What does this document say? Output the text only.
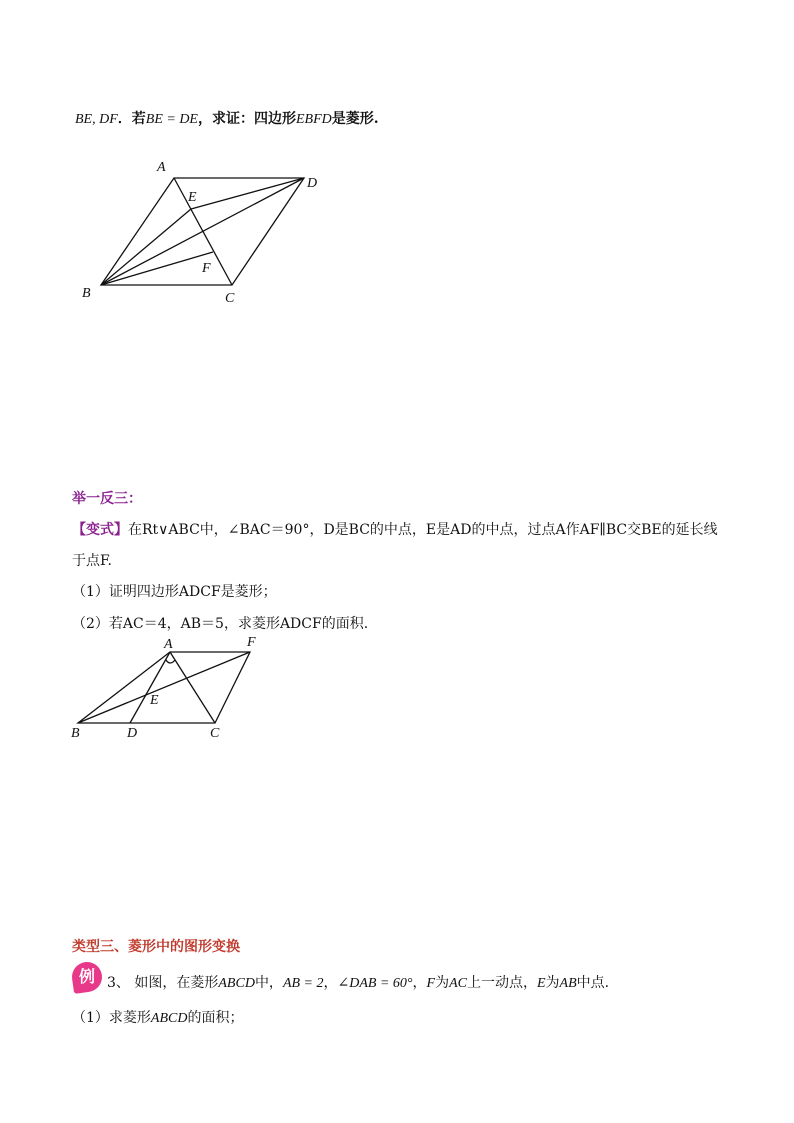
BE, DF．若BE = DE，求证：四边形EBFD是菱形.
A
D
E
F
B	C
举一反三：
【变式】在Rt∨ABC中，∠BAC＝90°，D是BC的中点，E是AD的中点，过点A作AF∥BC交BE的延长线
于点F.
（1）证明四边形ADCF是菱形；
（2）若AC＝4，AB＝5，求菱形ADCF的面积.
A	F
E
B	D	C
类型三、菱形中的图形变换
例 3、 如图，在菱形ABCD中，AB = 2，∠DAB = 60°，F为AC上一动点，E为AB中点.
（1）求菱形ABCD的面积；
